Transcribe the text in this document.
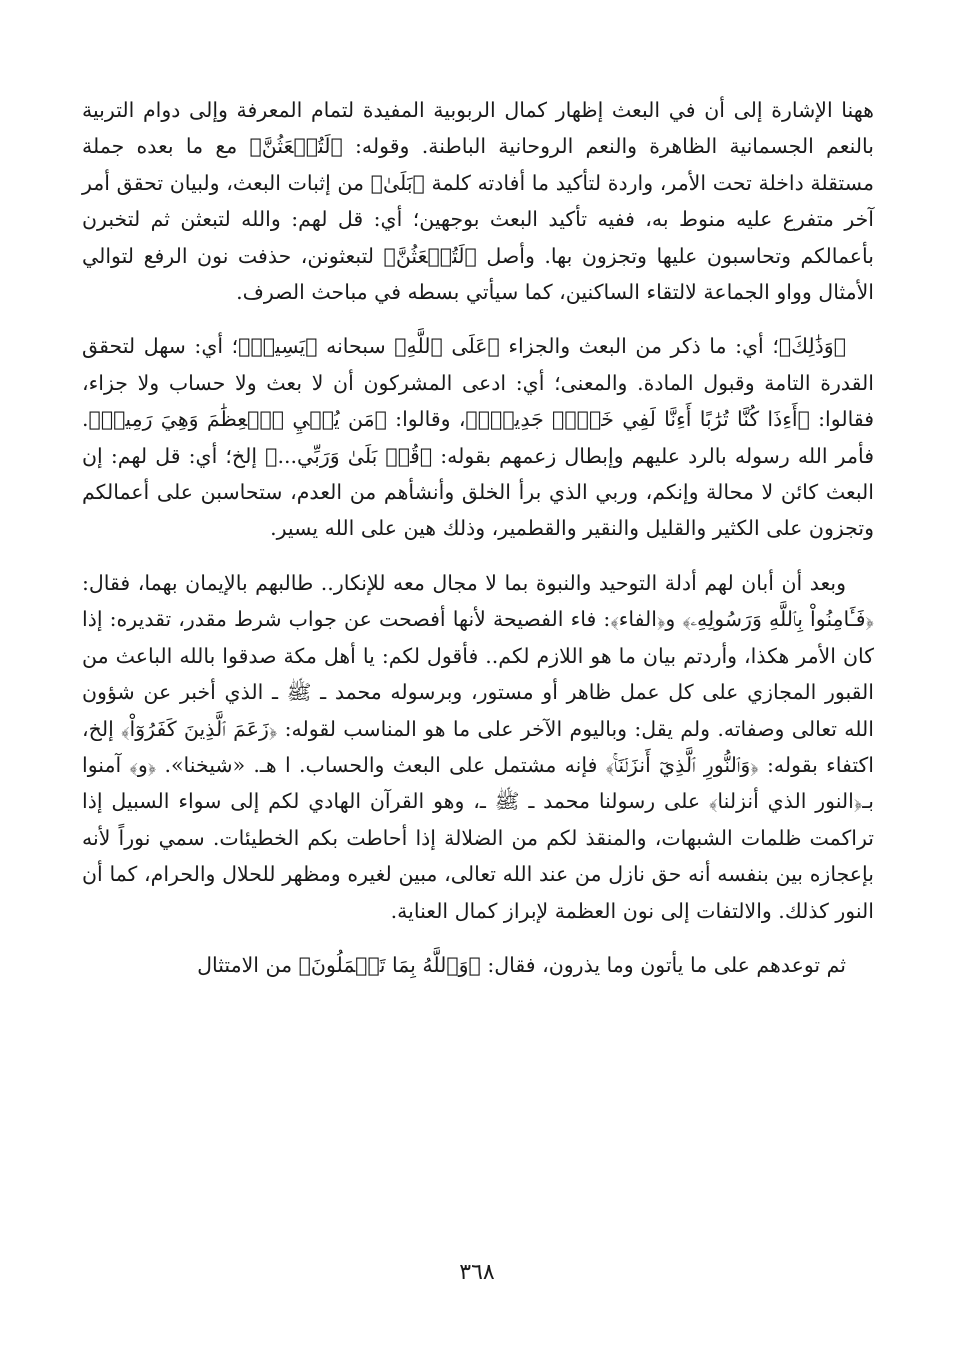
ههنا الإشارة إلى أن في البعث إظهار كمال الربوبية المفيدة لتمام المعرفة وإلى دوام التربية بالنعم الجسمانية الظاهرة والنعم الروحانية الباطنة. وقوله: ﴿لَتُبۡعَثُنَّ﴾ مع ما بعده جملة مستقلة داخلة تحت الأمر، واردة لتأكيد ما أفادته كلمة ﴿بَلَىٰ﴾ من إثبات البعث، ولبيان تحقق أمر آخر متفرع عليه منوط به، ففيه تأكيد البعث بوجهين؛ أي: قل لهم: والله لتبعثن ثم لتخبرن بأعمالكم وتحاسبون عليها وتجزون بها. وأصل ﴿لَتُبۡعَثُنَّ﴾ لتبعثونن، حذفت نون الرفع لتوالي الأمثال وواو الجماعة لالتقاء الساكنين، كما سيأتي بسطه في مباحث الصرف.

﴿وَذَٰلِكَ﴾؛ أي: ما ذكر من البعث والجزاء ﴿عَلَى ٱللَّهِ﴾ سبحانه ﴿يَسِيرٞ﴾؛ أي: سهل لتحقق القدرة التامة وقبول المادة. والمعنى؛ أي: ادعى المشركون أن لا بعث ولا حساب ولا جزاء، فقالوا: ﴿أَءِذَا كُنَّا تُرَٰبًا أَءِنَّا لَفِي خَلۡقٖ جَدِيدٍۚ﴾، وقالوا: ﴿مَن يُحۡيِ ٱلۡعِظَٰمَ وَهِيَ رَمِيمٞ﴾. فأمر الله رسوله بالرد عليهم وإبطال زعمهم بقوله: ﴿قُلۡ بَلَىٰ وَرَبِّي...﴾ إلخ؛ أي: قل لهم: إن البعث كائن لا محالة وإنكم، وربي الذي برأ الخلق وأنشأهم من العدم، ستحاسبن على أعمالكم وتجزون على الكثير والقليل والنقير والقطمير، وذلك هين على الله يسير.

وبعد أن أبان لهم أدلة التوحيد والنبوة بما لا مجال معه للإنكار.. طالبهم بالإيمان بهما، فقال: ﴿فَـَٔامِنُواْ بِٱللَّهِ وَرَسُولِهِۦ﴾ و﴿الفاء﴾: فاء الفصيحة لأنها أفصحت عن جواب شرط مقدر، تقديره: إذا كان الأمر هكذا، وأردتم بيان ما هو اللازم لكم.. فأقول لكم: يا أهل مكة صدقوا بالله الباعث من القبور المجازي على كل عمل ظاهر أو مستور، وبرسوله محمد ـ ﷺ ـ الذي أخبر عن شؤون الله تعالى وصفاته. ولم يقل: وباليوم الآخر على ما هو المناسب لقوله: ﴿زَعَمَ ٱلَّذِينَ كَفَرُوٓاْ﴾ إلخ، اكتفاء بقوله: ﴿وَٱلنُّورِ ٱلَّذِيٓ أَنزَلۡنَاۚ﴾ فإنه مشتمل على البعث والحساب. ا هـ. «شيخنا». ﴿و﴾ آمنوا بـ﴿النور الذي أنزلنا﴾ على رسولنا محمد ـ ﷺ ـ، وهو القرآن الهادي لكم إلى سواء السبيل إذا تراكمت ظلمات الشبهات، والمنقذ لكم من الضلالة إذا أحاطت بكم الخطيئات. سمي نوراً لأنه بإعجازه بين بنفسه أنه حق نازل من عند الله تعالى، مبين لغيره ومظهر للحلال والحرام، كما أن النور كذلك. والالتفات إلى نون العظمة لإبراز كمال العناية.

ثم توعدهم على ما يأتون وما يذرون، فقال: ﴿وَٱللَّهُ بِمَا تَعۡمَلُونَ﴾ من الامتثال

٣٦٨
